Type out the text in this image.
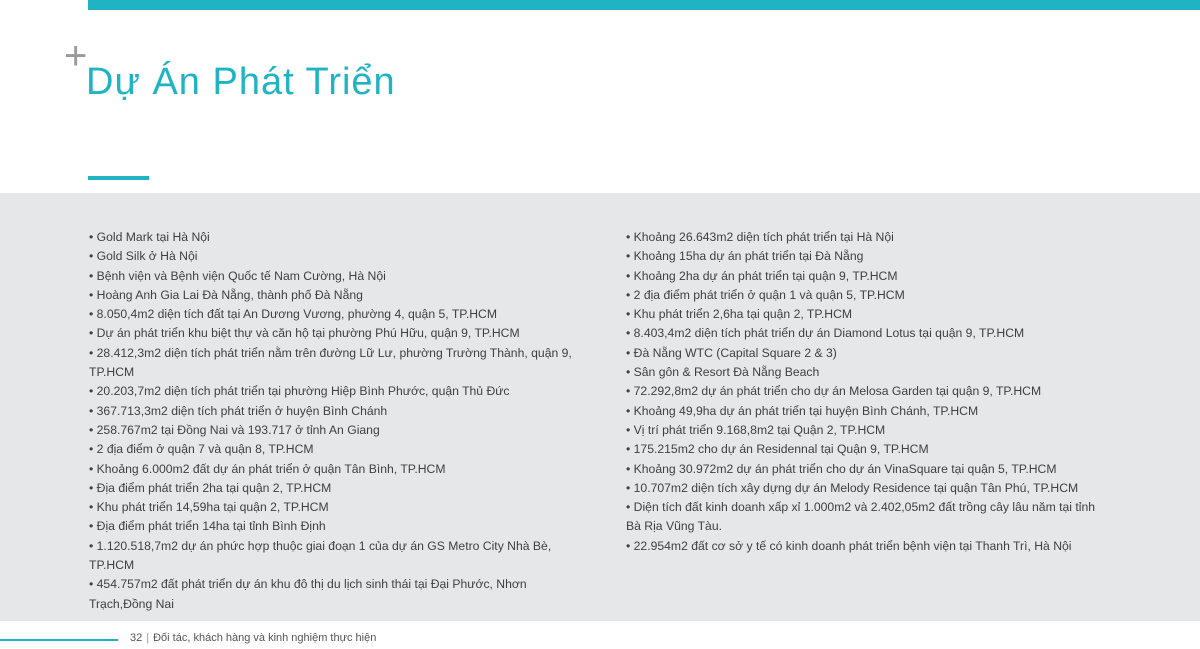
+
Dự Án Phát Triển
• Gold Mark tại Hà Nội
• Gold Silk ở Hà Nội
• Bệnh viện và Bệnh viện Quốc tế Nam Cường, Hà Nội
• Hoàng Anh Gia Lai Đà Nẵng, thành phố Đà Nẵng
• 8.050,4m2 diện tích đất tại An Dương Vương, phường 4, quận 5, TP.HCM
• Dự án phát triển khu biệt thự và căn hộ tại phường Phú Hữu, quận 9, TP.HCM
• 28.412,3m2 diện tích phát triển nằm trên đường Lữ Lư, phường Trường Thành, quận 9, TP.HCM
• 20.203,7m2 diện tích phát triển tại phường Hiệp Bình Phước, quận Thủ Đức
• 367.713,3m2 diện tích phát triển ở huyện Bình Chánh
• 258.767m2 tại Đồng Nai và 193.717 ở tỉnh An Giang
• 2 địa điểm ở quận 7 và quận 8, TP.HCM
• Khoảng 6.000m2 đất dự án phát triển ở quận Tân Bình, TP.HCM
• Địa điểm phát triển 2ha tại quận 2, TP.HCM
• Khu phát triển 14,59ha tại quận 2, TP.HCM
• Địa điểm phát triển 14ha tại tỉnh Bình Định
• 1.120.518,7m2 dự án phức hợp thuộc giai đoạn 1 của dự án GS Metro City Nhà Bè, TP.HCM
• 454.757m2 đất phát triển dự án khu đô thị du lịch sinh thái tại Đại Phước, Nhơn Trạch,Đồng Nai
• Khoảng 26.643m2 diện tích phát triển tại Hà Nội
• Khoảng 15ha dự án phát triển tại Đà Nẵng
• Khoảng 2ha dự án phát triển tại quận 9, TP.HCM
• 2 địa điểm phát triển ở quận 1 và quận 5, TP.HCM
• Khu phát triển 2,6ha tại quận 2, TP.HCM
• 8.403,4m2 diện tích phát triển dự án Diamond Lotus tại quận 9, TP.HCM
• Đà Nẵng WTC (Capital Square 2 & 3)
• Sân gôn & Resort Đà Nẵng Beach
• 72.292,8m2 dự án phát triển cho dự án Melosa Garden tại quận 9, TP.HCM
• Khoảng 49,9ha dự án phát triển tại huyện Bình Chánh, TP.HCM
• Vị trí phát triển 9.168,8m2 tại Quận 2, TP.HCM
• 175.215m2 cho dự án Residennal tại Quận 9, TP.HCM
• Khoảng 30.972m2 dự án phát triển cho dự án VinaSquare tại quận 5, TP.HCM
• 10.707m2 diện tích xây dựng dự án Melody Residence tại quận Tân Phú, TP.HCM
• Diện tích đất kinh doanh xấp xỉ 1.000m2 và 2.402,05m2 đất trồng cây lâu năm tại tỉnh Bà Rịa Vũng Tàu.
• 22.954m2 đất cơ sở y tế có kinh doanh phát triển bệnh viện tại Thanh Trì, Hà Nội
32 | Đối tác, khách hàng và kinh nghiệm thực hiện
